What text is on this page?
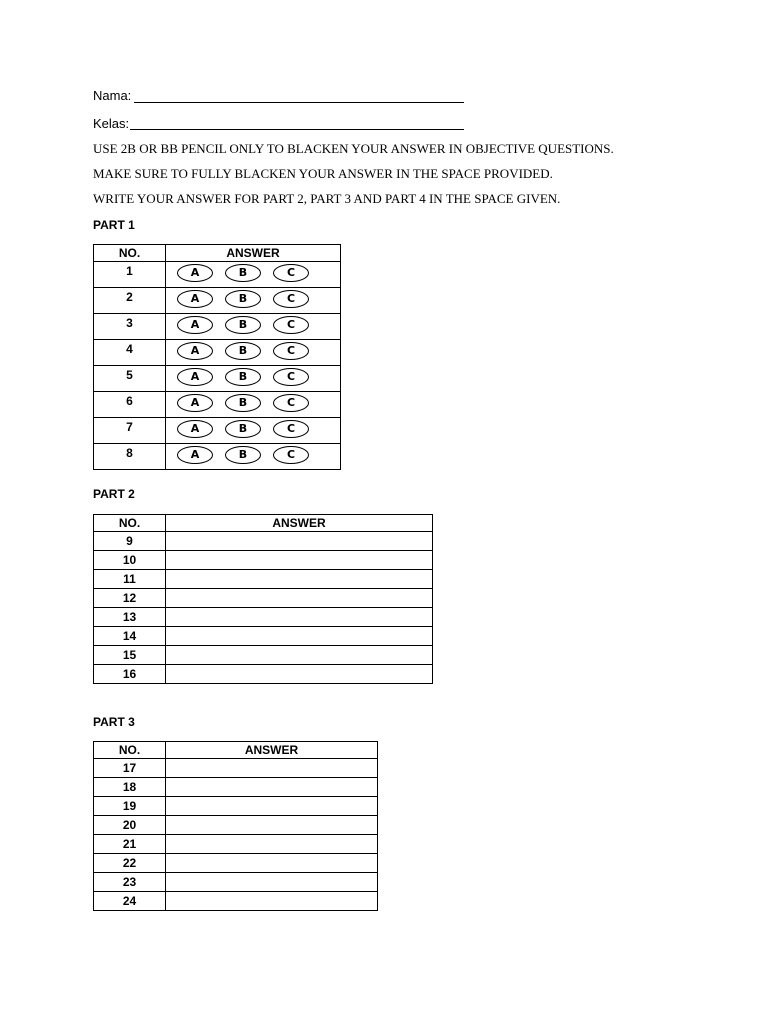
Nama:
Kelas:
USE 2B OR BB PENCIL ONLY TO BLACKEN YOUR ANSWER IN OBJECTIVE QUESTIONS.
MAKE SURE TO FULLY BLACKEN YOUR ANSWER IN THE SPACE PROVIDED.
WRITE YOUR ANSWER FOR PART 2, PART 3 AND PART 4 IN THE SPACE GIVEN.
PART 1
NO.	ANSWER
1	A B C

2	A B C

3	A B C

4	A B C

5	A B C

6	A B C

7	A B C

8	A B C
PART 2
NO.	ANSWER
9	
10	
11	
12	
13	
14	
15	
16	
PART 3
NO.	ANSWER
17	
18	
19	
20	
21	
22	
23	
24	
